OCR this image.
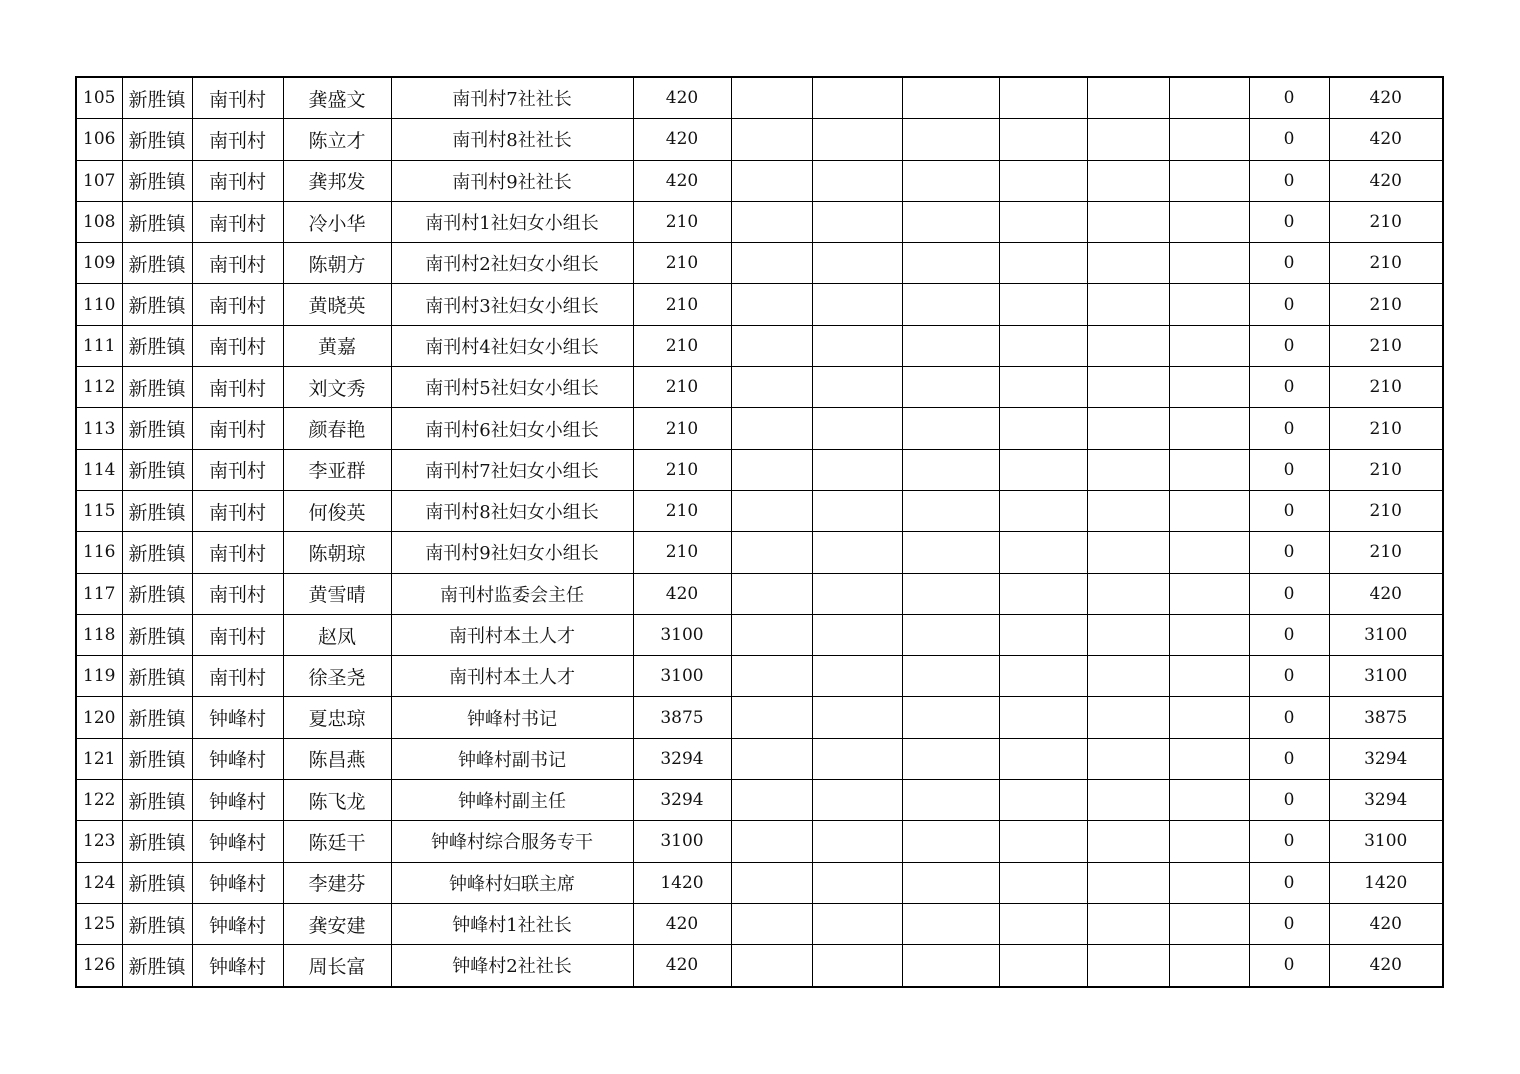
105	新胜镇	南刊村	龚盛文	南刊村7社社长	420							0	420
106	新胜镇	南刊村	陈立才	南刊村8社社长	420							0	420
107	新胜镇	南刊村	龚邦发	南刊村9社社长	420							0	420
108	新胜镇	南刊村	冷小华	南刊村1社妇女小组长	210							0	210
109	新胜镇	南刊村	陈朝方	南刊村2社妇女小组长	210							0	210
110	新胜镇	南刊村	黄晓英	南刊村3社妇女小组长	210							0	210
111	新胜镇	南刊村	黄嘉	南刊村4社妇女小组长	210							0	210
112	新胜镇	南刊村	刘文秀	南刊村5社妇女小组长	210							0	210
113	新胜镇	南刊村	颜春艳	南刊村6社妇女小组长	210							0	210
114	新胜镇	南刊村	李亚群	南刊村7社妇女小组长	210							0	210
115	新胜镇	南刊村	何俊英	南刊村8社妇女小组长	210							0	210
116	新胜镇	南刊村	陈朝琼	南刊村9社妇女小组长	210							0	210
117	新胜镇	南刊村	黄雪晴	南刊村监委会主任	420							0	420
118	新胜镇	南刊村	赵凤	南刊村本土人才	3100							0	3100
119	新胜镇	南刊村	徐圣尧	南刊村本土人才	3100							0	3100
120	新胜镇	钟峰村	夏忠琼	钟峰村书记	3875							0	3875
121	新胜镇	钟峰村	陈昌燕	钟峰村副书记	3294							0	3294
122	新胜镇	钟峰村	陈飞龙	钟峰村副主任	3294							0	3294
123	新胜镇	钟峰村	陈廷干	钟峰村综合服务专干	3100							0	3100
124	新胜镇	钟峰村	李建芬	钟峰村妇联主席	1420							0	1420
125	新胜镇	钟峰村	龚安建	钟峰村1社社长	420							0	420
126	新胜镇	钟峰村	周长富	钟峰村2社社长	420							0	420
